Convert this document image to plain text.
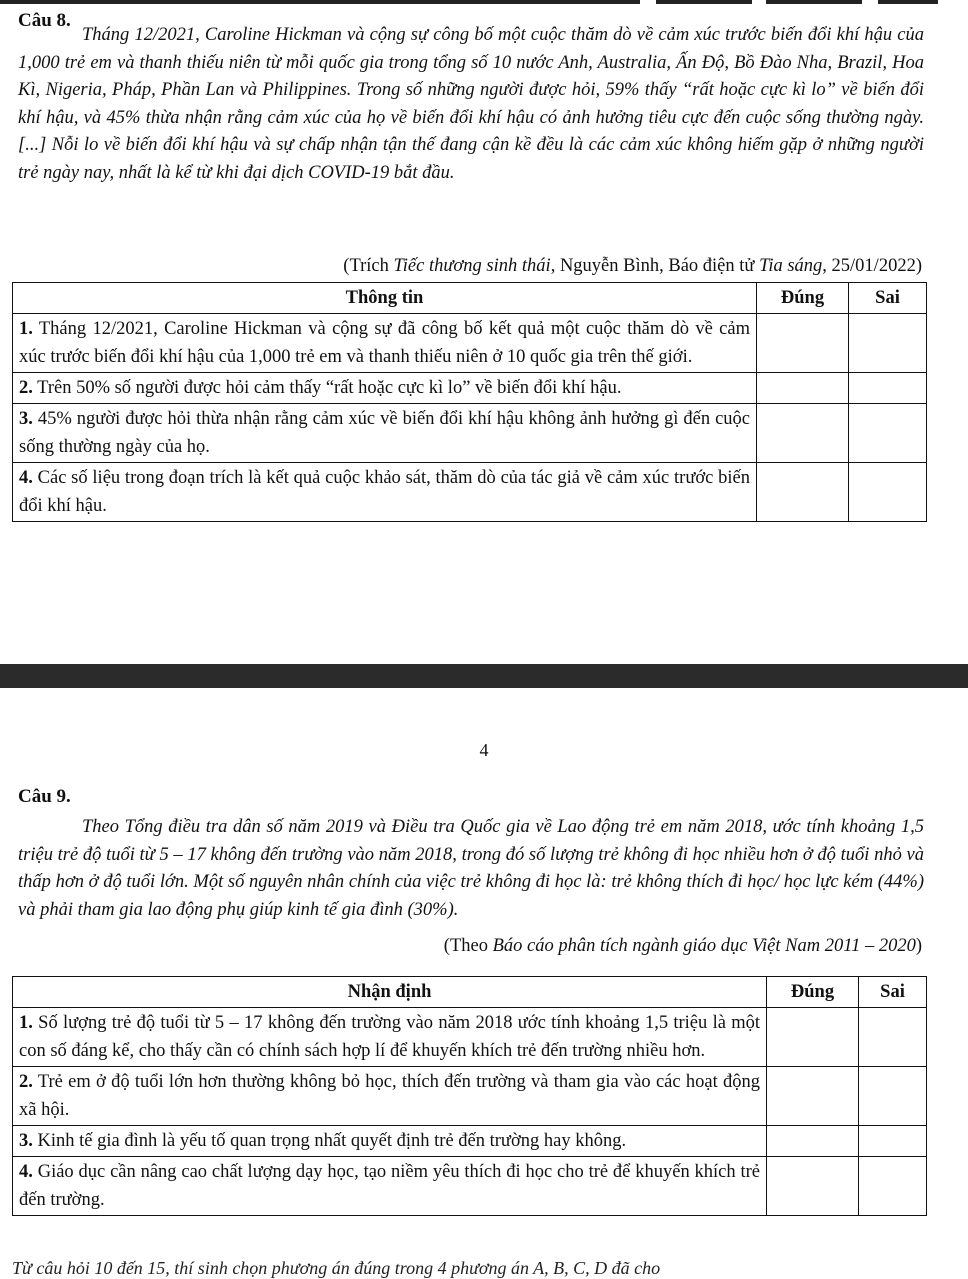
Câu 8.

Tháng 12/2021, Caroline Hickman và cộng sự công bố một cuộc thăm dò về cảm xúc trước biến đổi khí hậu của 1,000 trẻ em và thanh thiếu niên từ mỗi quốc gia trong tổng số 10 nước Anh, Australia, Ấn Độ, Bồ Đào Nha, Brazil, Hoa Kì, Nigeria, Pháp, Phần Lan và Philippines. Trong số những người được hỏi, 59% thấy “rất hoặc cực kì lo” về biến đổi khí hậu, và 45% thừa nhận rằng cảm xúc của họ về biến đổi khí hậu có ảnh hưởng tiêu cực đến cuộc sống thường ngày. [...] Nỗi lo về biến đổi khí hậu và sự chấp nhận tận thế đang cận kề đều là các cảm xúc không hiếm gặp ở những người trẻ ngày nay, nhất là kể từ khi đại dịch COVID-19 bắt đầu.

(Trích Tiếc thương sinh thái, Nguyễn Bình, Báo điện tử Tia sáng, 25/01/2022)
Thông tin	Đúng	Sai
1. Tháng 12/2021, Caroline Hickman và cộng sự đã công bố kết quả một cuộc thăm dò về cảm xúc trước biến đổi khí hậu của 1,000 trẻ em và thanh thiếu niên ở 10 quốc gia trên thế giới.		
2. Trên 50% số người được hỏi cảm thấy “rất hoặc cực kì lo” về biến đổi khí hậu.		
3. 45% người được hỏi thừa nhận rằng cảm xúc về biến đổi khí hậu không ảnh hưởng gì đến cuộc sống thường ngày của họ.		
4. Các số liệu trong đoạn trích là kết quả cuộc khảo sát, thăm dò của tác giả về cảm xúc trước biến đổi khí hậu.		
4
Câu 9.

Theo Tổng điều tra dân số năm 2019 và Điều tra Quốc gia về Lao động trẻ em năm 2018, ước tính khoảng 1,5 triệu trẻ độ tuổi từ 5 – 17 không đến trường vào năm 2018, trong đó số lượng trẻ không đi học nhiều hơn ở độ tuổi nhỏ và thấp hơn ở độ tuổi lớn. Một số nguyên nhân chính của việc trẻ không đi học là: trẻ không thích đi học/ học lực kém (44%) và phải tham gia lao động phụ giúp kinh tế gia đình (30%).

(Theo Báo cáo phân tích ngành giáo dục Việt Nam 2011 – 2020)
Nhận định	Đúng	Sai
1. Số lượng trẻ độ tuổi từ 5 – 17 không đến trường vào năm 2018 ước tính khoảng 1,5 triệu là một con số đáng kể, cho thấy cần có chính sách hợp lí để khuyến khích trẻ đến trường nhiều hơn.		
2. Trẻ em ở độ tuổi lớn hơn thường không bỏ học, thích đến trường và tham gia vào các hoạt động xã hội.		
3. Kinh tế gia đình là yếu tố quan trọng nhất quyết định trẻ đến trường hay không.		
4. Giáo dục cần nâng cao chất lượng dạy học, tạo niềm yêu thích đi học cho trẻ để khuyến khích trẻ đến trường.		
Từ câu hỏi 10 đến 15, thí sinh chọn phương án đúng trong 4 phương án A, B, C, D đã cho
